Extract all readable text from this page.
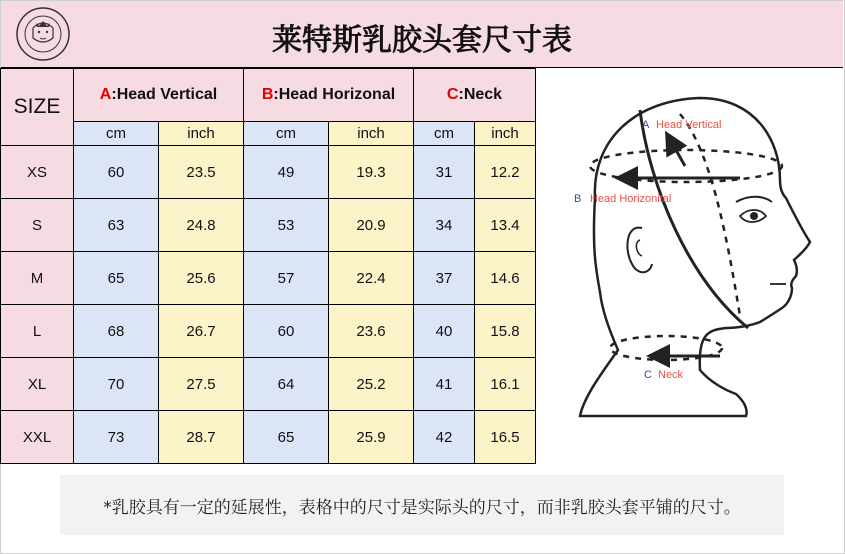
莱特斯乳胶头套尺寸表
SIZE	A:Head Vertical		B:Head Horizonal		C:Neck	
	cm	inch	cm	inch	cm	inch
XS	60	23.5	49	19.3	31	12.2
S	63	24.8	53	20.9	34	13.4
M	65	25.6	57	22.4	37	14.6
L	68	26.7	60	23.6	40	15.8
XL	70	27.5	64	25.2	41	16.1
XXL	73	28.7	65	25.9	42	16.5
A Head Vertical
B Head Horizonital
C Neck
*乳胶具有一定的延展性，表格中的尺寸是实际头的尺寸，而非乳胶头套平铺的尺寸。
